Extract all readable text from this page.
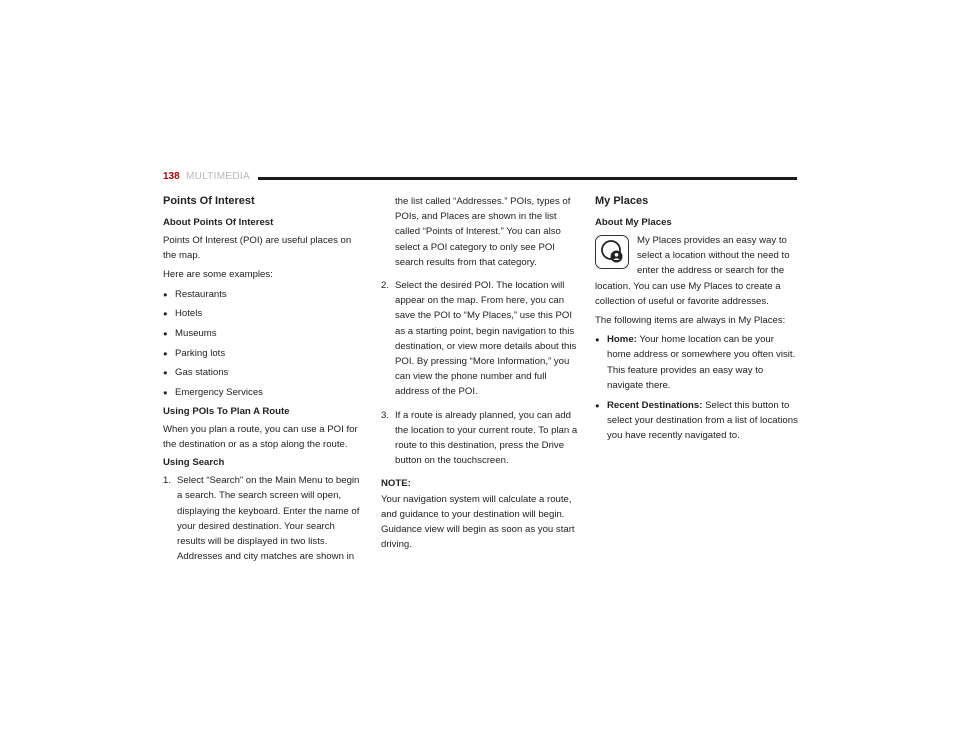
138 MULTIMEDIA
Points Of Interest
About Points Of Interest

Points Of Interest (POI) are useful places on the map.

Here are some examples:

● Restaurants
● Hotels
● Museums
● Parking lots
● Gas stations
● Emergency Services
Using POIs To Plan A Route

When you plan a route, you can use a POI for the destination or as a stop along the route.

Using Search
1. Select “Search” on the Main Menu to begin a search. The search screen will open, displaying the keyboard. Enter the name of your desired destination. Your search results will be displayed in two lists. Addresses and city matches are shown in
the list called “Addresses.” POIs, types of POIs, and Places are shown in the list called “Points of Interest.” You can also select a POI category to only see POI search results from that category.
2. Select the desired POI. The location will appear on the map. From here, you can save the POI to “My Places,” use this POI as a starting point, begin navigation to this destination, or view more details about this POI. By pressing “More Information,” you can view the phone number and full address of the POI.
3. If a route is already planned, you can add the location to your current route. To plan a route to this destination, press the Drive button on the touchscreen.
NOTE:
Your navigation system will calculate a route, and guidance to your destination will begin. Guidance view will begin as soon as you start driving.
My Places
About My Places
My Places provides an easy way to select a location without the need to enter the address or search for the location. You can use My Places to create a collection of useful or favorite addresses.

The following items are always in My Places:

● Home: Your home location can be your home address or somewhere you often visit. This feature provides an easy way to navigate there.
● Recent Destinations: Select this button to select your destination from a list of locations you have recently navigated to.
